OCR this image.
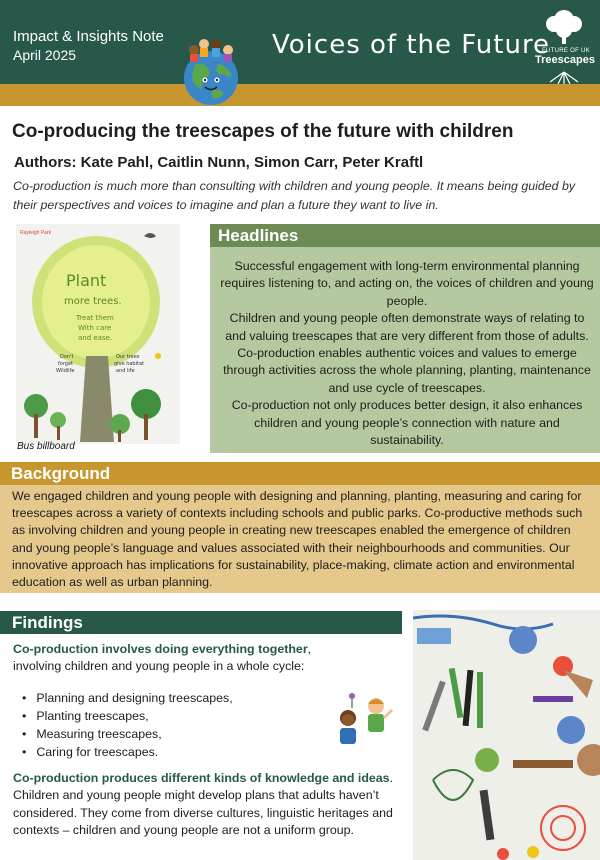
Impact & Insights Note
April 2025	Voices of the Future
FUTURE OF UK
Treescapes
Co-producing the treescapes of the future with children
Authors: Kate Pahl, Caitlin Nunn, Simon Carr, Peter Kraftl
Co-production is much more than consulting with children and young people. It means being guided by their perspectives and voices to imagine and plan a future they want to live in.
Rayleigh Park
Plant
more trees.
Treat them
With care
and ease.
Don't
forget
Wildlife
Our trees
give habitat
and life
Bus billboard
Headlines

Successful engagement with long-term environmental planning requires listening to, and acting on, the voices of children and young people.

Children and young people often demonstrate ways of relating to and valuing treescapes that are very different from those of adults.

Co-production enables authentic voices and values to emerge through activities across the whole planning, planting, maintenance and use cycle of treescapes.

Co-production not only produces better design, it also enhances children and young people’s connection with nature and sustainability.

Background
We engaged children and young people with designing and planning, planting, measuring and caring for treescapes across a variety of contexts including schools and public parks. Co-productive methods such as involving children and young people in creating new treescapes enabled the emergence of children and young people’s language and values associated with their neighbourhoods and communities. Our innovative approach has implications for sustainability, place-making, climate action and environmental education as well as urban planning.
Findings

Co-production involves doing everything together, involving children and young people in a whole cycle:

• Planning and designing treescapes,
• Planting treescapes,
• Measuring treescapes,
• Caring for treescapes.

Co-production produces different kinds of knowledge and ideas. Children and young people might develop plans that adults haven’t considered. They come from diverse cultures, linguistic heritages and contexts – children and young people are not a uniform group.
